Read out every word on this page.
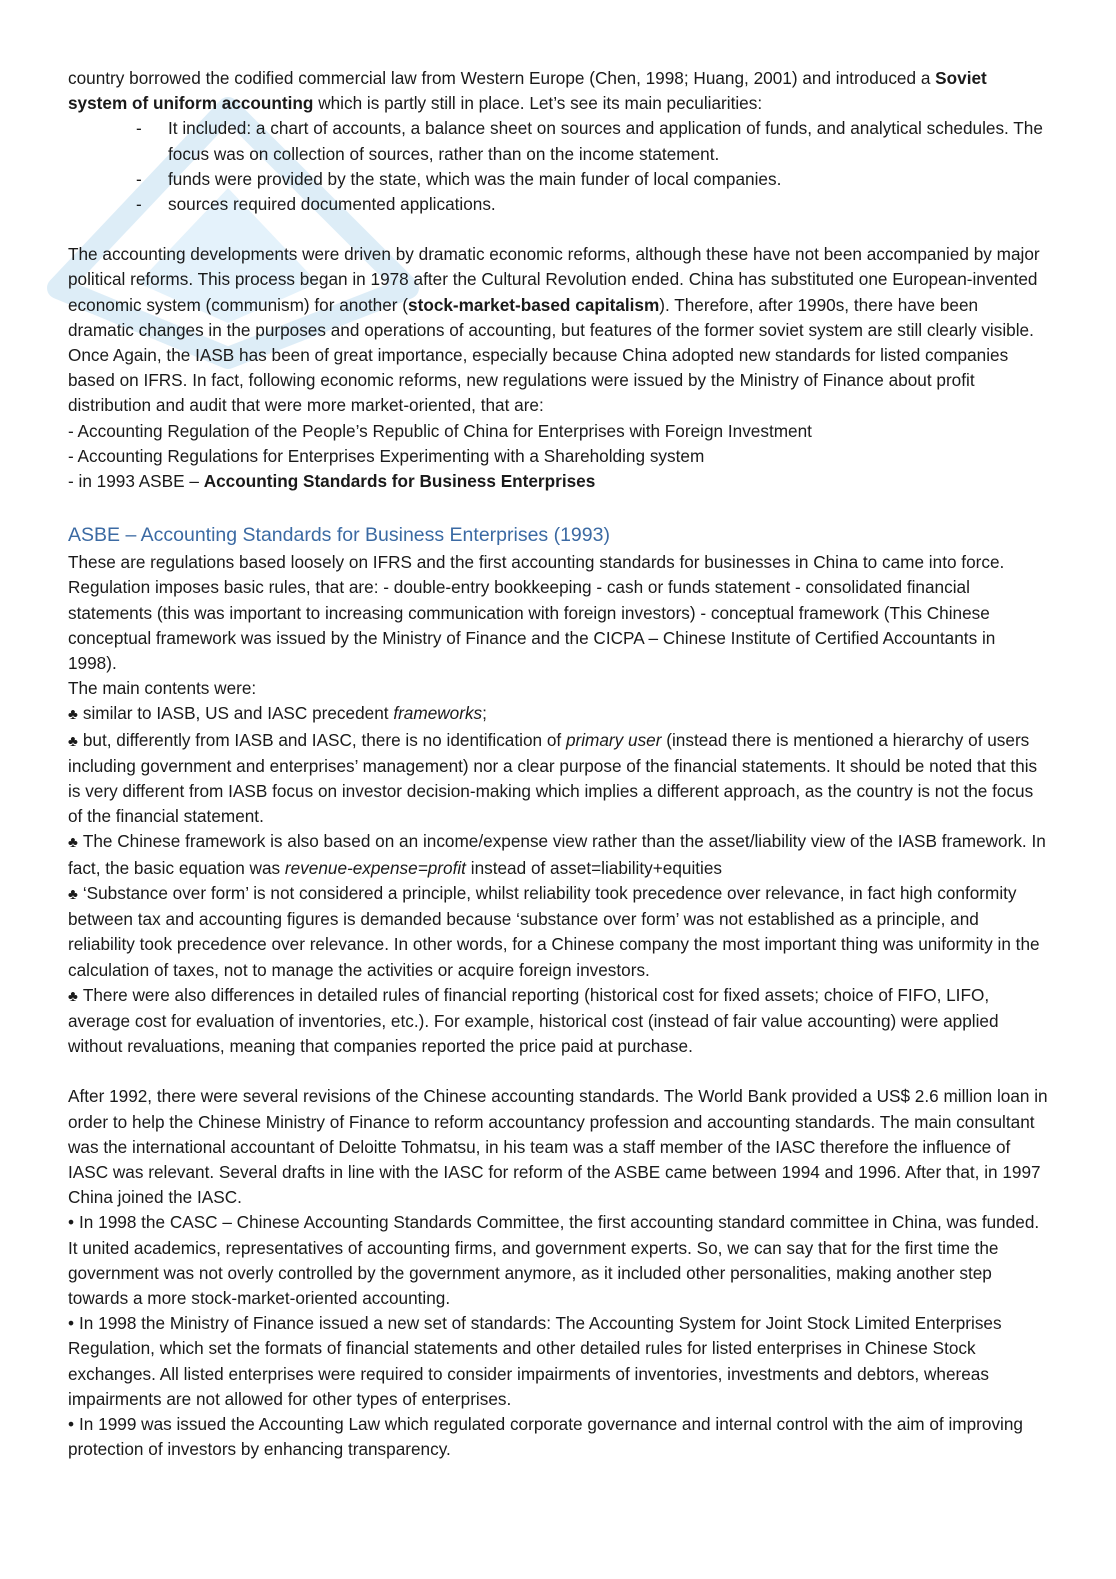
country borrowed the codified commercial law from Western Europe (Chen, 1998; Huang, 2001) and introduced a Soviet system of uniform accounting which is partly still in place. Let’s see its main peculiarities:

- It included: a chart of accounts, a balance sheet on sources and application of funds, and analytical schedules. The focus was on collection of sources, rather than on the income statement.
- funds were provided by the state, which was the main funder of local companies.
- sources required documented applications.

The accounting developments were driven by dramatic economic reforms, although these have not been accompanied by major political reforms. This process began in 1978 after the Cultural Revolution ended. China has substituted one European-invented economic system (communism) for another (stock-market-based capitalism). Therefore, after 1990s, there have been dramatic changes in the purposes and operations of accounting, but features of the former soviet system are still clearly visible. Once Again, the IASB has been of great importance, especially because China adopted new standards for listed companies based on IFRS. In fact, following economic reforms, new regulations were issued by the Ministry of Finance about profit distribution and audit that were more market-oriented, that are:

- Accounting Regulation of the People’s Republic of China for Enterprises with Foreign Investment

- Accounting Regulations for Enterprises Experimenting with a Shareholding system

- in 1993 ASBE – Accounting Standards for Business Enterprises

ASBE – Accounting Standards for Business Enterprises (1993)

These are regulations based loosely on IFRS and the first accounting standards for businesses in China to came into force. Regulation imposes basic rules, that are: - double-entry bookkeeping - cash or funds statement - consolidated financial statements (this was important to increasing communication with foreign investors) - conceptual framework (This Chinese conceptual framework was issued by the Ministry of Finance and the CICPA – Chinese Institute of Certified Accountants in 1998).

The main contents were:

♣ similar to IASB, US and IASC precedent frameworks;

♣ but, differently from IASB and IASC, there is no identification of primary user (instead there is mentioned a hierarchy of users including government and enterprises’ management) nor a clear purpose of the financial statements. It should be noted that this is very different from IASB focus on investor decision-making which implies a different approach, as the country is not the focus of the financial statement.

♣ The Chinese framework is also based on an income/expense view rather than the asset/liability view of the IASB framework. In fact, the basic equation was revenue-expense=profit instead of asset=liability+equities

♣ ‘Substance over form’ is not considered a principle, whilst reliability took precedence over relevance, in fact high conformity between tax and accounting figures is demanded because ‘substance over form’ was not established as a principle, and reliability took precedence over relevance. In other words, for a Chinese company the most important thing was uniformity in the calculation of taxes, not to manage the activities or acquire foreign investors.

♣ There were also differences in detailed rules of financial reporting (historical cost for fixed assets; choice of FIFO, LIFO, average cost for evaluation of inventories, etc.). For example, historical cost (instead of fair value accounting) were applied without revaluations, meaning that companies reported the price paid at purchase.

After 1992, there were several revisions of the Chinese accounting standards. The World Bank provided a US$ 2.6 million loan in order to help the Chinese Ministry of Finance to reform accountancy profession and accounting standards. The main consultant was the international accountant of Deloitte Tohmatsu, in his team was a staff member of the IASC therefore the influence of IASC was relevant. Several drafts in line with the IASC for reform of the ASBE came between 1994 and 1996. After that, in 1997 China joined the IASC.

• In 1998 the CASC – Chinese Accounting Standards Committee, the first accounting standard committee in China, was funded. It united academics, representatives of accounting firms, and government experts. So, we can say that for the first time the government was not overly controlled by the government anymore, as it included other personalities, making another step towards a more stock-market-oriented accounting.

• In 1998 the Ministry of Finance issued a new set of standards: The Accounting System for Joint Stock Limited Enterprises Regulation, which set the formats of financial statements and other detailed rules for listed enterprises in Chinese Stock exchanges. All listed enterprises were required to consider impairments of inventories, investments and debtors, whereas impairments are not allowed for other types of enterprises.

• In 1999 was issued the Accounting Law which regulated corporate governance and internal control with the aim of improving protection of investors by enhancing transparency.
